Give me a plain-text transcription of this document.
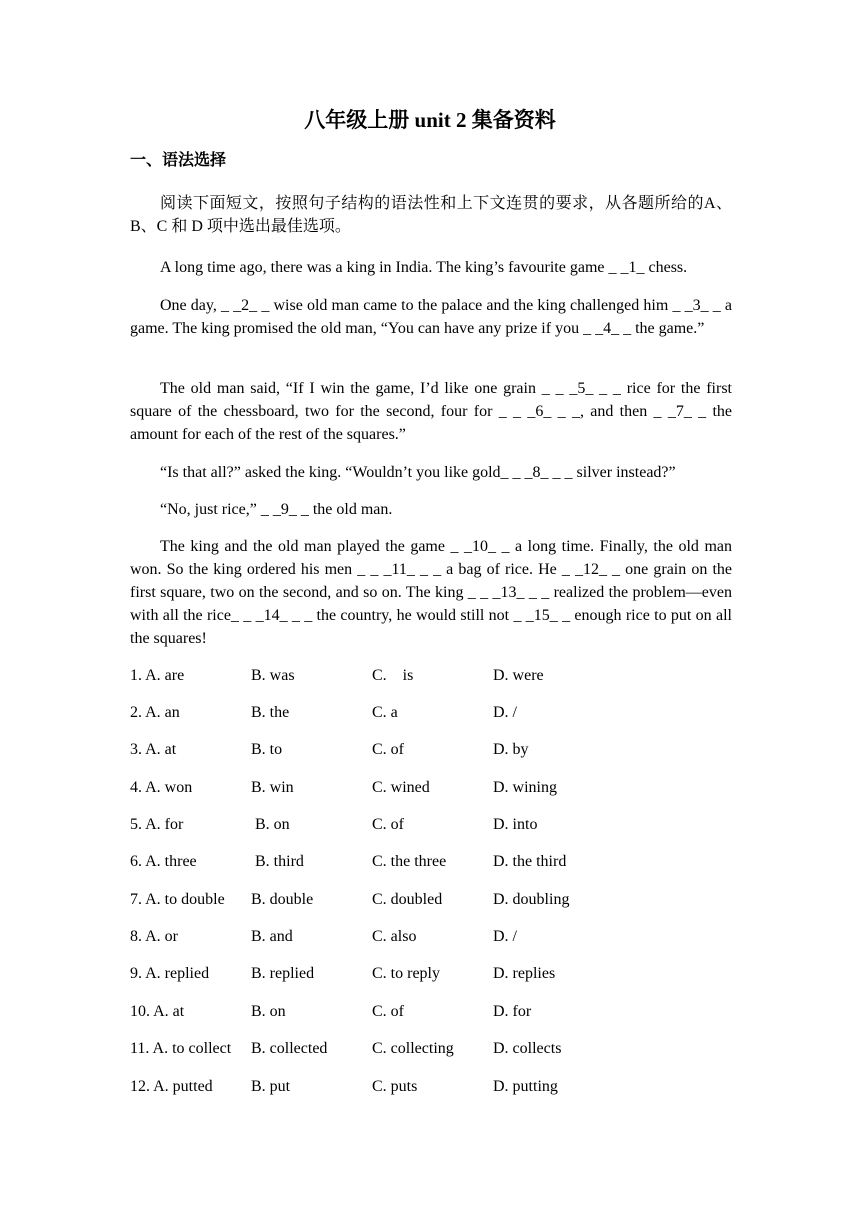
八年级上册 unit 2 集备资料
一、语法选择

阅读下面短文，按照句子结构的语法性和上下文连贯的要求，从各题所给的A、B、C 和 D 项中选出最佳选项。

A long time ago, there was a king in India. The king’s favourite game _ _1_ chess.

One day, _ _2_ _ wise old man came to the palace and the king challenged him _ _3_ _ a game. The king promised the old man, “You can have any prize if you _ _4_ _ the game.”

The old man said, “If I win the game, I’d like one grain _ _ _5_ _ _ rice for the first square of the chessboard, two for the second, four for _ _ _6_ _ _, and then _ _7_ _ the amount for each of the rest of the squares.”

“Is that all?” asked the king. “Wouldn’t you like gold_ _ _8_ _ _ silver instead?”

“No, just rice,” _ _9_ _ the old man.

The king and the old man played the game _ _10_ _ a long time. Finally, the old man won. So the king ordered his men _ _ _11_ _ _ a bag of rice. He _ _12_ _ one grain on the first square, two on the second, and so on. The king _ _ _13_ _ _ realized the problem—even with all the rice_ _ _14_ _ _ the country, he would still not _ _15_ _ enough rice to put on all the squares!

1. A. are	B. was	C.    is	D. were
2. A. an	B. the	C. a	D. /
3. A. at	B. to	C. of	D. by
4. A. won	B. win	C. wined	D. wining
5. A. for	B. on	C. of	D. into
6. A. three	B. third	C. the three	D. the third
7. A. to double B. double	C. doubled	D. doubling
8. A. or	B. and	C. also	D. /
9. A. replied	B. replied	C. to reply	D. replies
10. A. at	B. on	C. of	D. for
11. A. to collect B. collected	C. collecting D. collects
12. A. putted B. put	C. puts	D. putting
